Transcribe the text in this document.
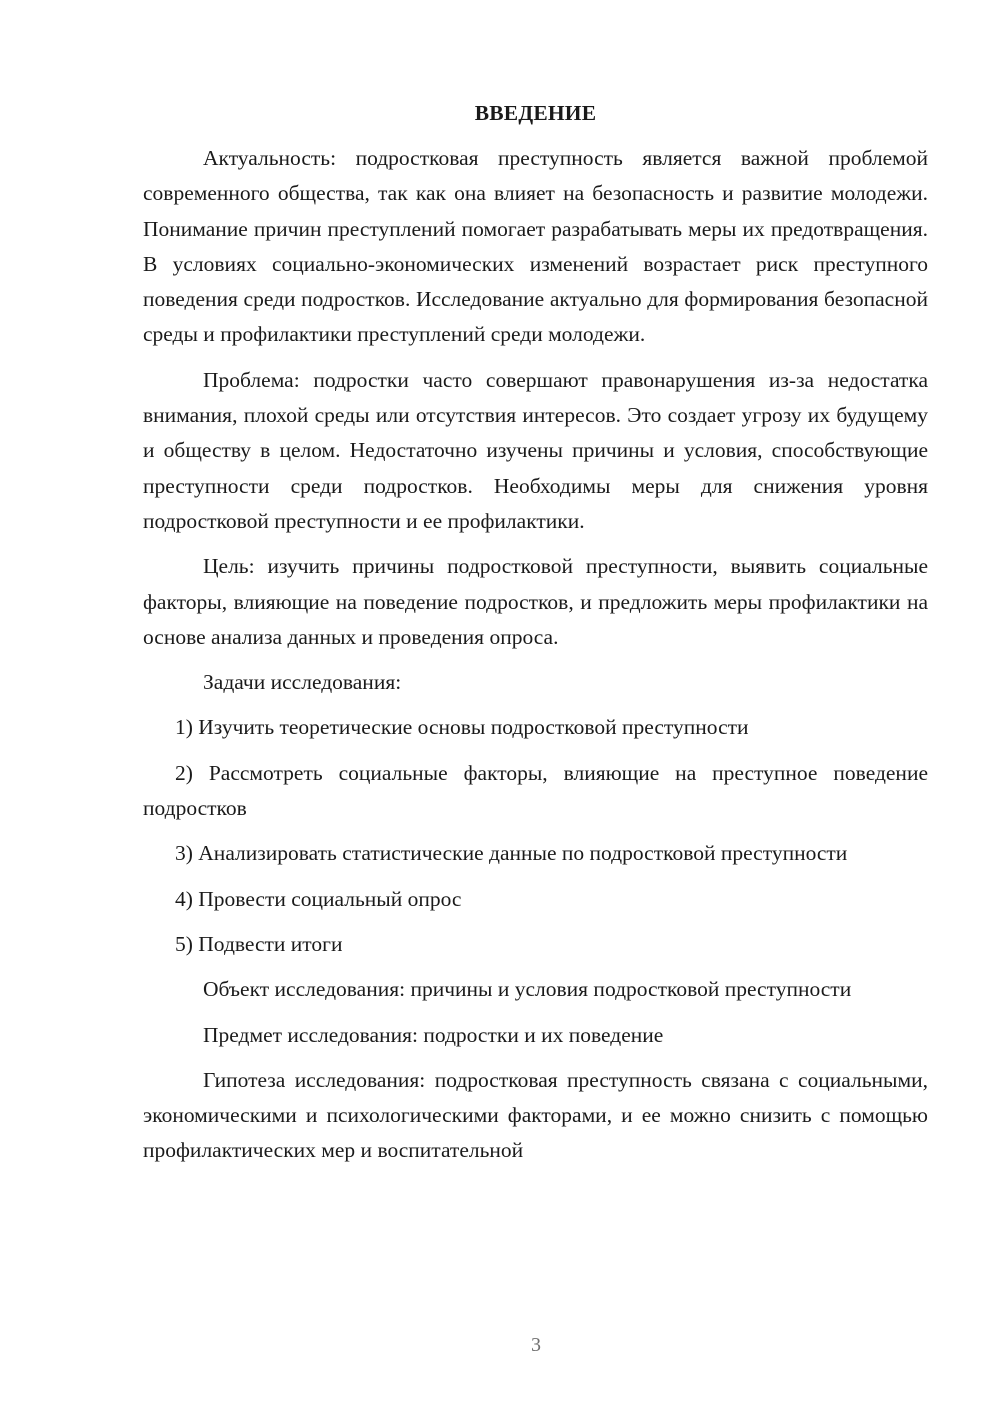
ВВЕДЕНИЕ

Актуальность: подростковая преступность является важной проблемой современного общества, так как она влияет на безопасность и развитие молодежи. Понимание причин преступлений помогает разрабатывать меры их предотвращения. В условиях социально-экономических изменений возрастает риск преступного поведения среди подростков. Исследование актуально для формирования безопасной среды и профилактики преступлений среди молодежи.

Проблема: подростки часто совершают правонарушения из-за недостатка внимания, плохой среды или отсутствия интересов. Это создает угрозу их будущему и обществу в целом. Недостаточно изучены причины и условия, способствующие преступности среди подростков. Необходимы меры для снижения уровня подростковой преступности и ее профилактики.

Цель: изучить причины подростковой преступности, выявить социальные факторы, влияющие на поведение подростков, и предложить меры профилактики на основе анализа данных и проведения опроса.

Задачи исследования:

1) Изучить теоретические основы подростковой преступности

2) Рассмотреть социальные факторы, влияющие на преступное поведение подростков

3) Анализировать статистические данные по подростковой преступности

4) Провести социальный опрос

5) Подвести итоги

Объект исследования: причины и условия подростковой преступности

Предмет исследования: подростки и их поведение

Гипотеза исследования: подростковая преступность связана с социальными, экономическими и психологическими факторами, и ее можно снизить с помощью профилактических мер и воспитательной

3
